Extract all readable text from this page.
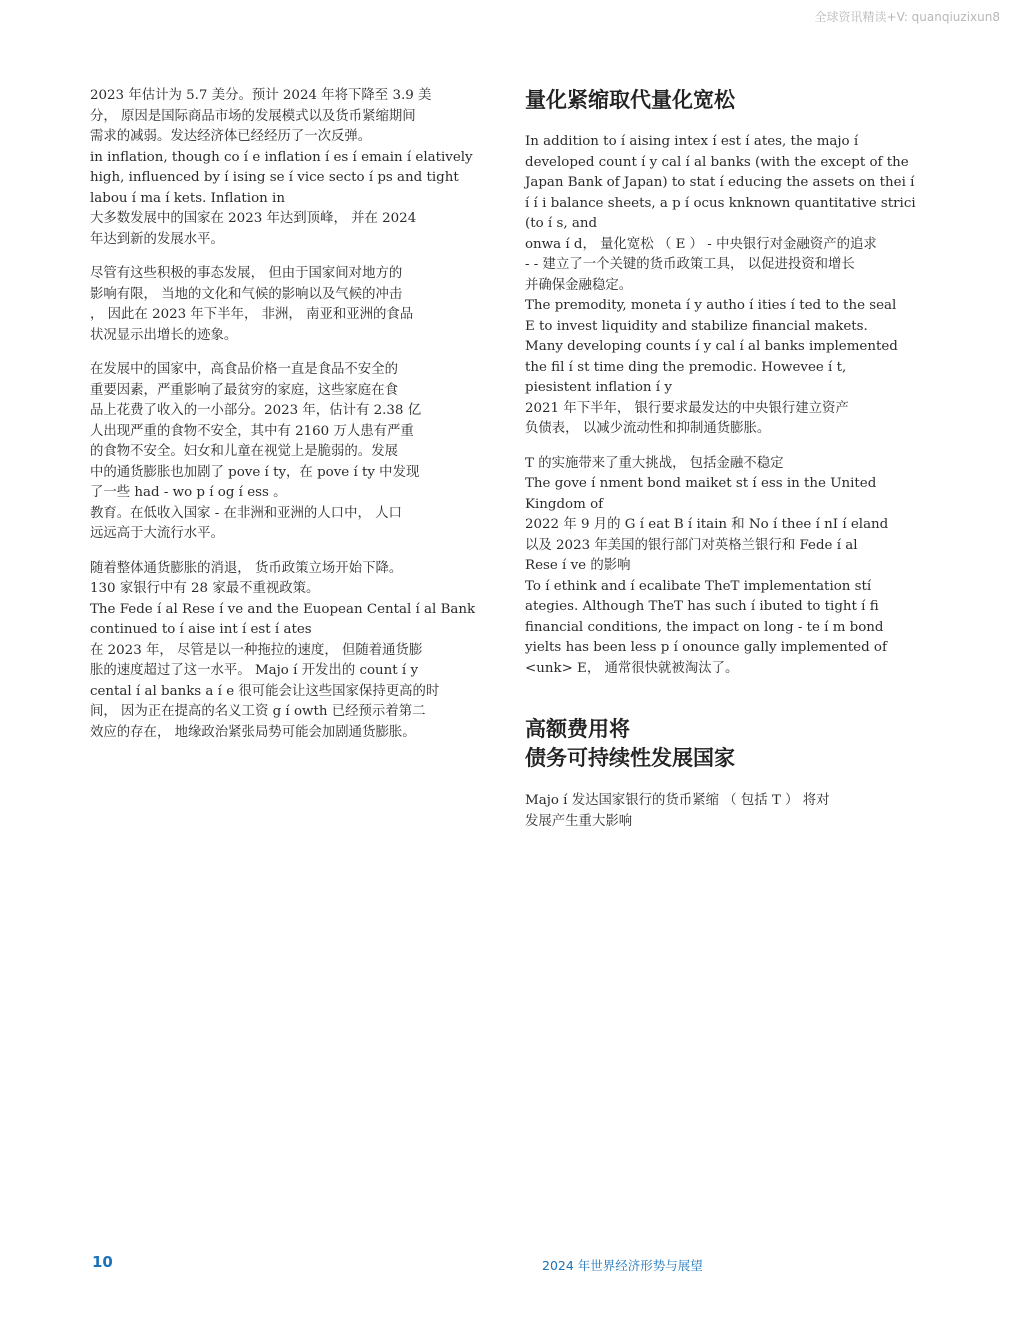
全球资讯精读+V: quanqiuzixun8

2023 年估计为 5.7 美分。预计 2024 年将下降至 3.9 美
分， 原因是国际商品市场的发展模式以及货币紧缩期间
需求的减弱。发达经济体已经经历了一次反弹。
in inflation, though co í e inflation í es í emain í elatively
high, influenced by í ising se í vice secto í ps and tight
labou í ma í kets. Inflation in
大多数发展中的国家在 2023 年达到顶峰， 并在 2024
年达到新的发展水平。

尽管有这些积极的事态发展， 但由于国家间对地方的
影响有限， 当地的文化和气候的影响以及气候的冲击
， 因此在 2023 年下半年， 非洲， 南亚和亚洲的食品
状况显示出增长的迹象。

在发展中的国家中，高食品价格一直是食品不安全的
重要因素，严重影响了最贫穷的家庭，这些家庭在食
品上花费了收入的一小部分。2023 年，估计有 2.38 亿
人出现严重的食物不安全，其中有 2160 万人患有严重
的食物不安全。妇女和儿童在视觉上是脆弱的。发展
中的通货膨胀也加剧了 pove í ty，在 pove í ty 中发现
了一些 had - wo p í og í ess 。
教育。在低收入国家 - 在非洲和亚洲的人口中， 人口
远远高于大流行水平。

随着整体通货膨胀的消退， 货币政策立场开始下降。
130 家银行中有 28 家最不重视政策。
The Fede í al Rese í ve and the Euopean Cental í al Bank
continued to í aise int í est í ates
在 2023 年， 尽管是以一种拖拉的速度， 但随着通货膨
胀的速度超过了这一水平。 Majo í 开发出的 count í y
cental í al banks a í e 很可能会让这些国家保持更高的时
间， 因为正在提高的名义工资 g í owth 已经预示着第二
效应的存在， 地缘政治紧张局势可能会加剧通货膨胀。

量化紧缩取代量化宽松

In addition to í aising intex í est í ates, the majo í
developed count í y cal í al banks (with the except of the
Japan Bank of Japan) to stat í educing the assets on thei í
í í i balance sheets, a p í ocus knknown quantitative strici
(to í s, and
onwa í d， 量化宽松 （ E ） - 中央银行对金融资产的追求
- - 建立了一个关键的货币政策工具， 以促进投资和增长
并确保金融稳定。
The premodity, moneta í y autho í ities í ted to the seal
E to invest liquidity and stabilize financial makets.
Many developing counts í y cal í al banks implemented
the fil í st time ding the premodic. Howevee í t,
piesistent inflation í y
2021 年下半年， 银行要求最发达的中央银行建立资产
负债表， 以减少流动性和抑制通货膨胀。

T 的实施带来了重大挑战， 包括金融不稳定
The gove í nment bond maiket st í ess in the United
Kingdom of
2022 年 9 月的 G í eat B í itain 和 No í thee í nI í eland
以及 2023 年美国的银行部门对英格兰银行和 Fede í al
Rese í ve 的影响
To í ethink and í ecalibate TheT implementation stí
ategies. Although TheT has such í ibuted to tight í fi
financial conditions, the impact on long - te í m bond
yielts has been less p í onounce gally implemented of
<unk> E， 通常很快就被淘汰了。

高额费用将
债务可持续性发展国家

Majo í 发达国家银行的货币紧缩 （ 包括 T ） 将对
发展产生重大影响

10	2024 年世界经济形势与展望
